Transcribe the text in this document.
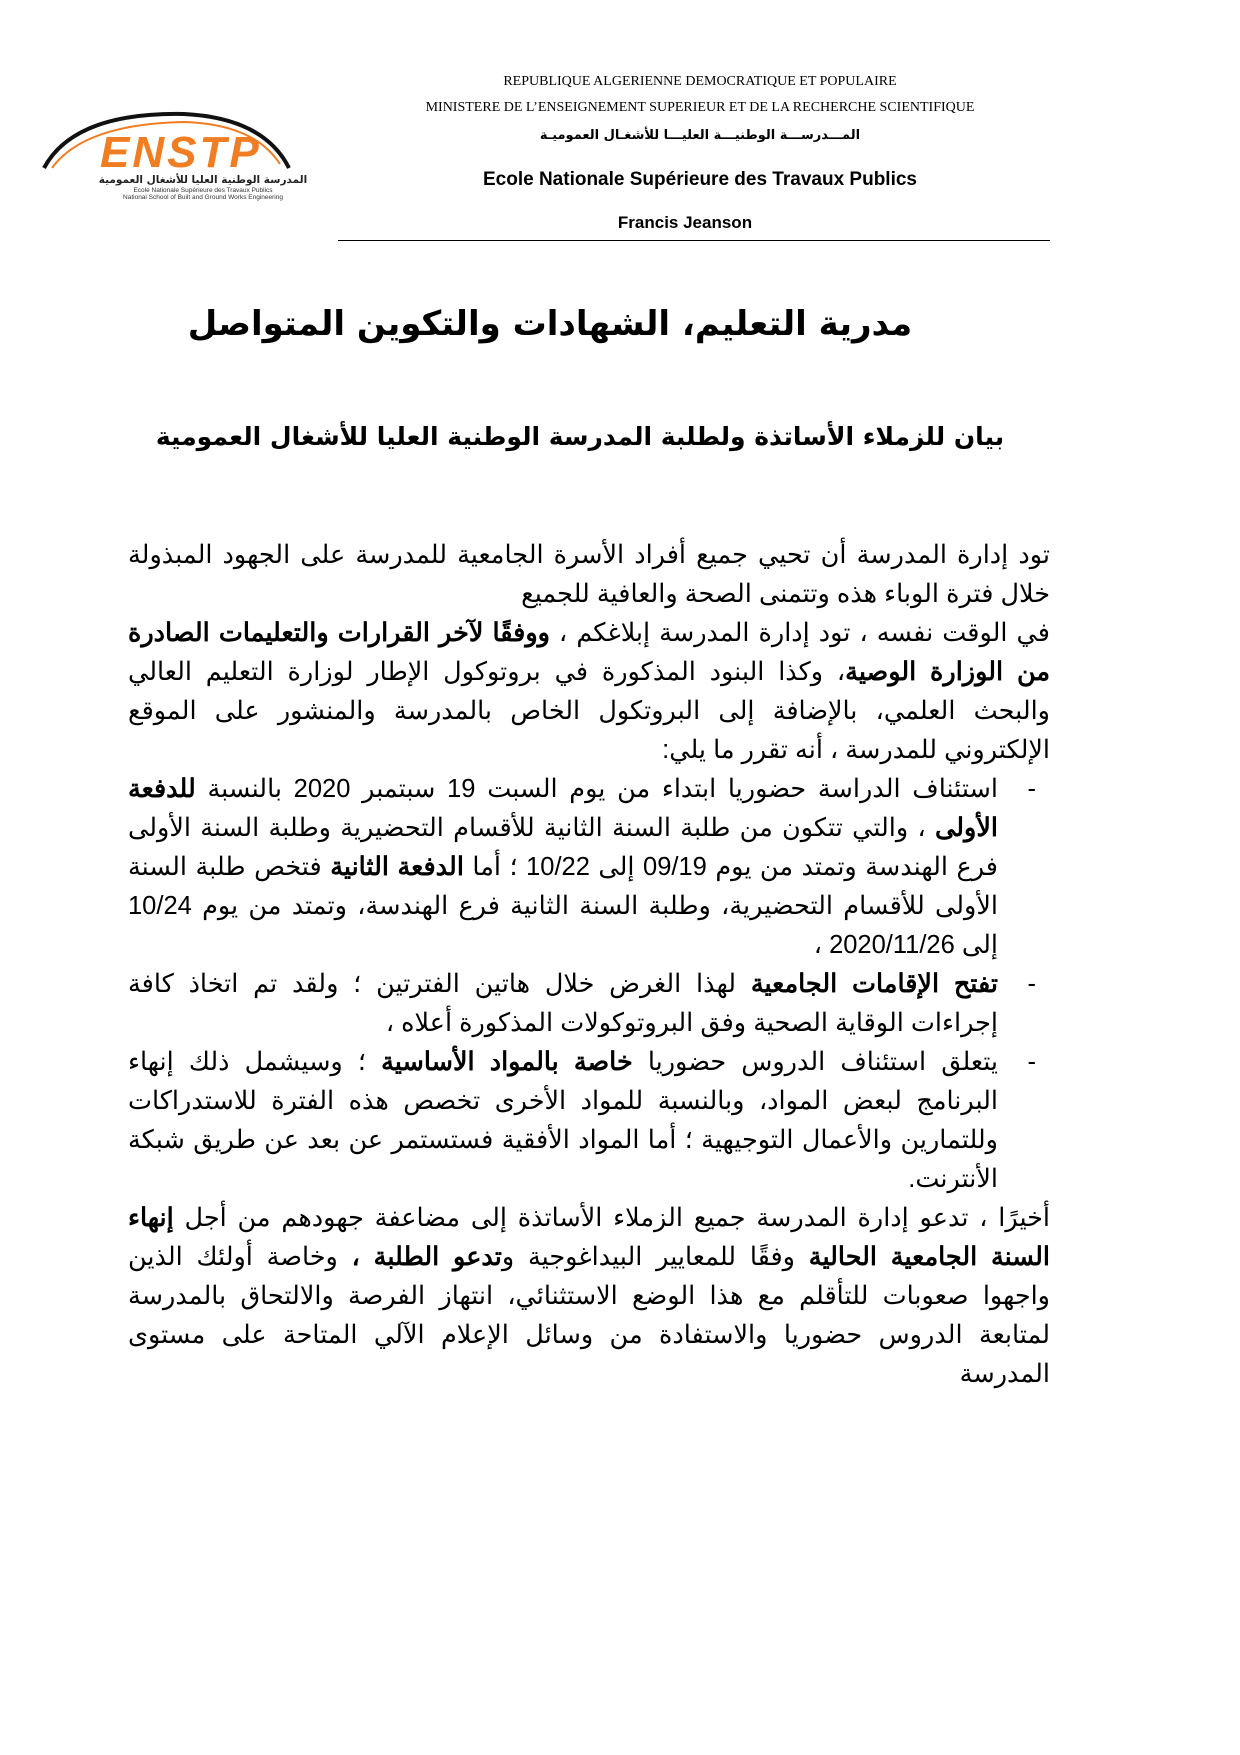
ENSTP
المدرسة الوطنية العليا للأشغال العمومية
Ecole Nationale Supérieure des Travaux Publics
National School of Built and Ground Works Engineering
REPUBLIQUE ALGERIENNE DEMOCRATIQUE ET POPULAIRE
MINISTERE DE L’ENSEIGNEMENT SUPERIEUR ET DE LA RECHERCHE SCIENTIFIQUE
المـــدرســـة الوطنيـــة العليـــا للأشغـال العموميـة
Ecole Nationale Supérieure des Travaux Publics
Francis Jeanson
مدرية التعليم، الشهادات والتكوين المتواصل
بيان للزملاء الأساتذة ولطلبة المدرسة الوطنية العليا للأشغال العمومية

تود إدارة المدرسة أن تحيي جميع أفراد الأسرة الجامعية للمدرسة على الجهود المبذولة خلال فترة الوباء هذه وتتمنى الصحة والعافية للجميع

في الوقت نفسه ، تود إدارة المدرسة إبلاغكم ، ووفقًا لآخر القرارات والتعليمات الصادرة من الوزارة الوصية، وكذا البنود المذكورة في بروتوكول الإطار لوزارة التعليم العالي والبحث العلمي، بالإضافة إلى البروتكول الخاص بالمدرسة والمنشور على الموقع الإلكتروني للمدرسة ، أنه تقرر ما يلي:

-
استئناف الدراسة حضوريا ابتداء من يوم السبت 19 سبتمبر 2020 بالنسبة للدفعة الأولى ، والتي تتكون من طلبة السنة الثانية للأقسام التحضيرية وطلبة السنة الأولى فرع الهندسة وتمتد من يوم 09/19 إلى 10/22 ؛ أما الدفعة الثانية فتخص طلبة السنة الأولى للأقسام التحضيرية، وطلبة السنة الثانية فرع الهندسة، وتمتد من يوم 10/24 إلى 2020/11/26 ،
-
تفتح الإقامات الجامعية لهذا الغرض خلال هاتين الفترتين ؛ ولقد تم اتخاذ كافة إجراءات الوقاية الصحية وفق البروتوكولات المذكورة أعلاه ،
-
يتعلق استئناف الدروس حضوريا خاصة بالمواد الأساسية ؛ وسيشمل ذلك إنهاء البرنامج لبعض المواد، وبالنسبة للمواد الأخرى تخصص هذه الفترة للاستدراكات وللتمارين والأعمال التوجيهية ؛ أما المواد الأفقية فستستمر عن بعد عن طريق شبكة الأنترنت.

أخيرًا ، تدعو إدارة المدرسة جميع الزملاء الأساتذة إلى مضاعفة جهودهم من أجل إنهاء السنة الجامعية الحالية وفقًا للمعايير البيداغوجية وتدعو الطلبة ، وخاصة أولئك الذين واجهوا صعوبات للتأقلم مع هذا الوضع الاستثنائي، انتهاز الفرصة والالتحاق بالمدرسة لمتابعة الدروس حضوريا والاستفادة من وسائل الإعلام الآلي المتاحة على مستوى المدرسة
